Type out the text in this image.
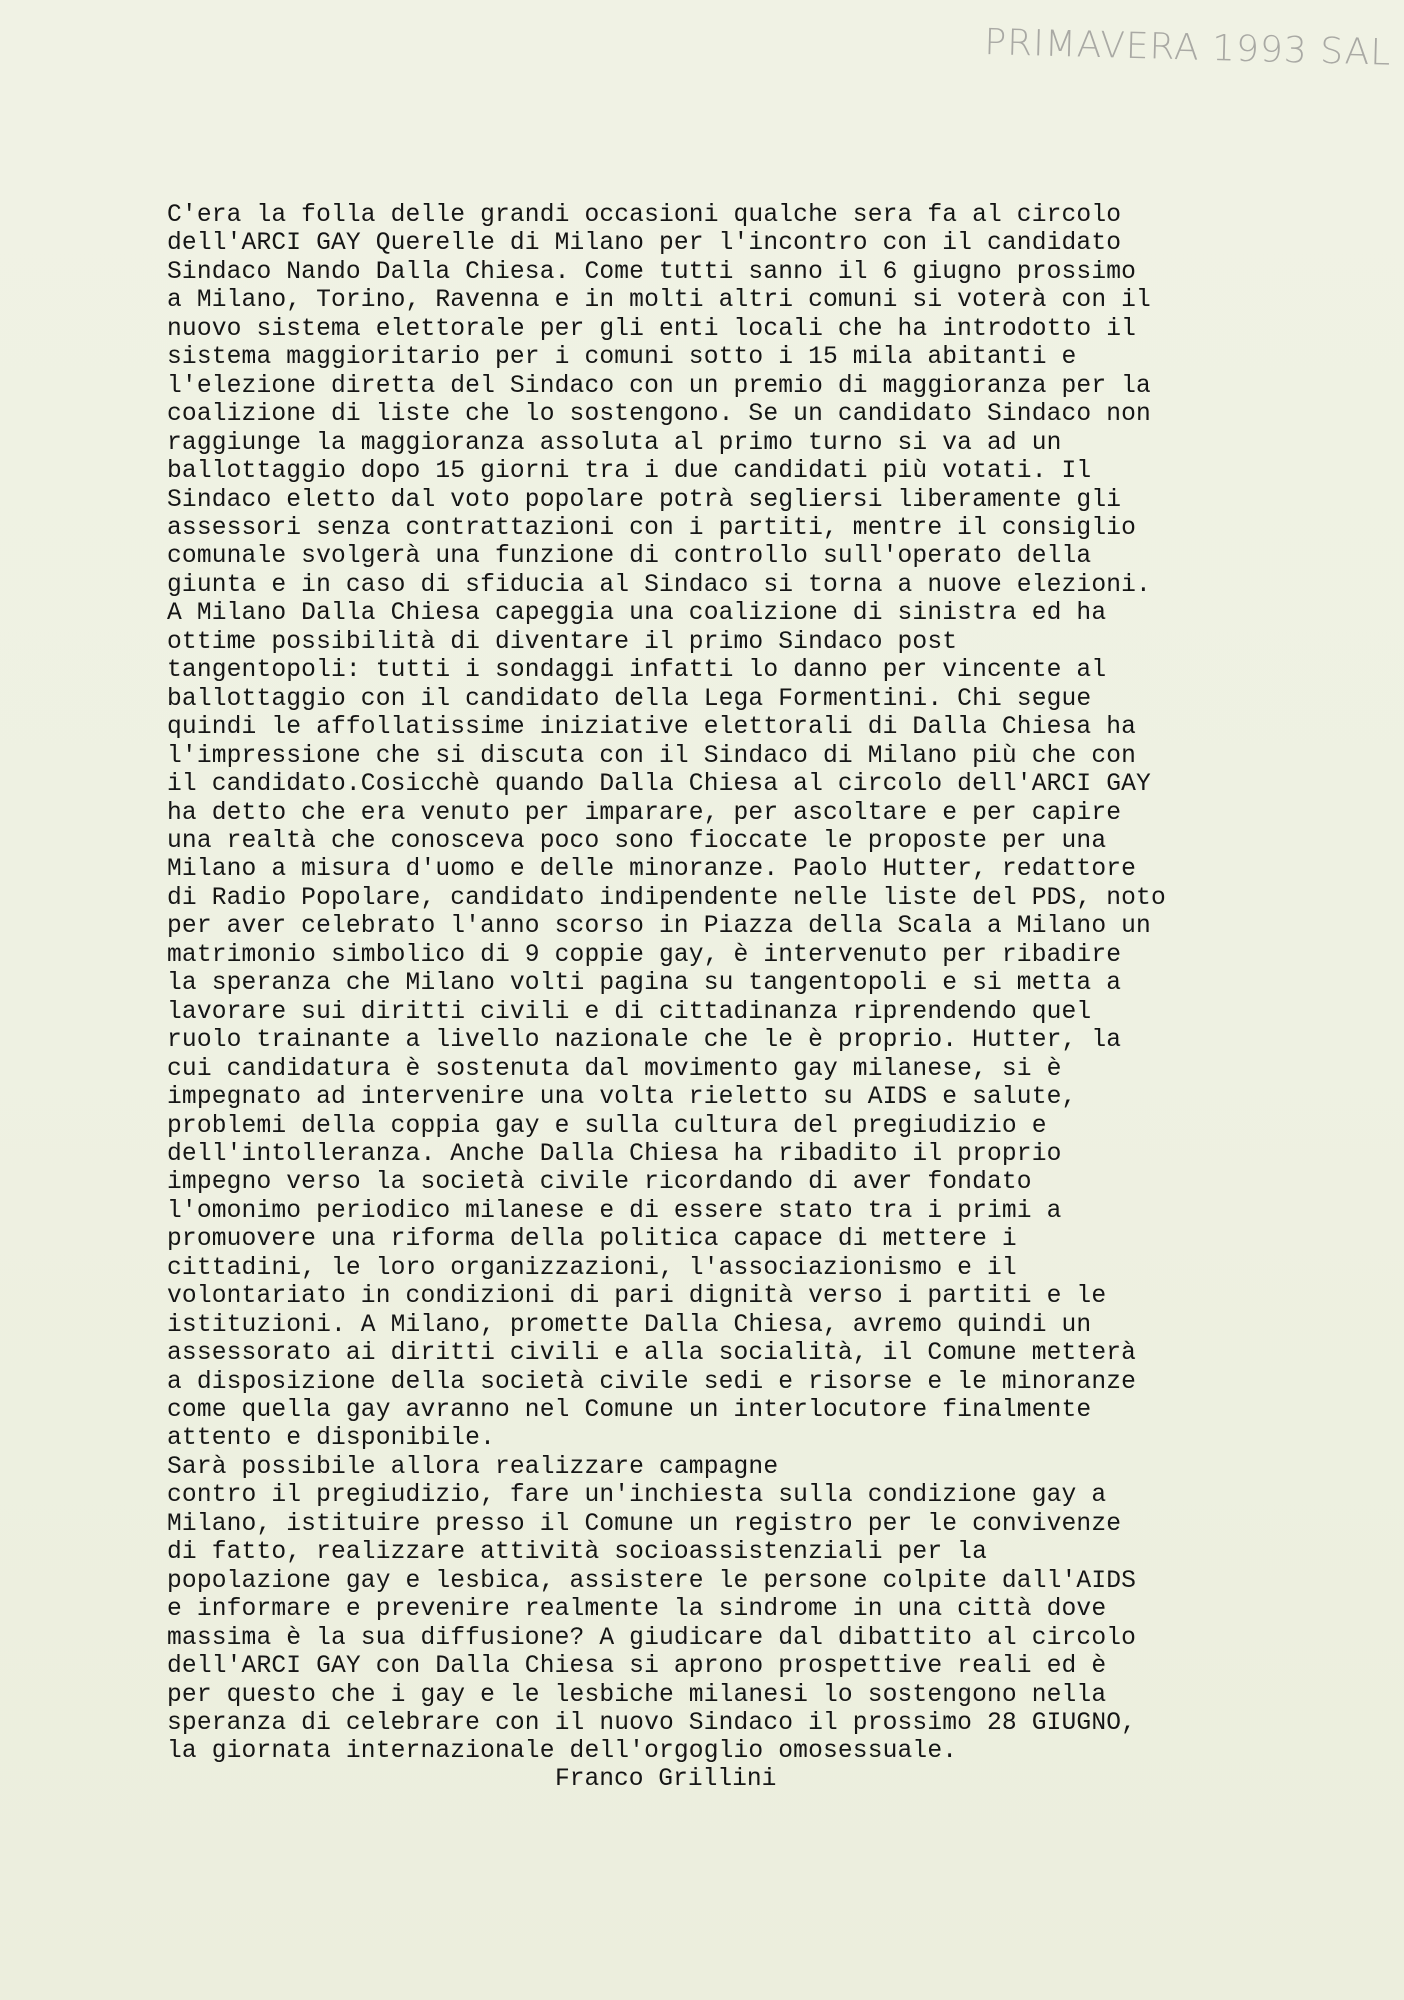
PRIMAVERA 1993 SAL
C'era la folla delle grandi occasioni qualche sera fa al circolo
dell'ARCI GAY Querelle di Milano per l'incontro con il candidato
Sindaco Nando Dalla Chiesa. Come tutti sanno il 6 giugno prossimo
a Milano, Torino, Ravenna e in molti altri comuni si voterà con il
nuovo sistema elettorale per gli enti locali che ha introdotto il
sistema maggioritario per i comuni sotto i 15 mila abitanti e
l'elezione diretta del Sindaco con un premio di maggioranza per la
coalizione di liste che lo sostengono. Se un candidato Sindaco non
raggiunge la maggioranza assoluta al primo turno si va ad un
ballottaggio dopo 15 giorni tra i due candidati più votati. Il
Sindaco eletto dal voto popolare potrà segliersi liberamente gli
assessori senza contrattazioni con i partiti, mentre il consiglio
comunale svolgerà una funzione di controllo sull'operato della
giunta e in caso di sfiducia al Sindaco si torna a nuove elezioni.
A Milano Dalla Chiesa capeggia una coalizione di sinistra ed ha
ottime possibilità di diventare il primo Sindaco post
tangentopoli: tutti i sondaggi infatti lo danno per vincente al
ballottaggio con il candidato della Lega Formentini. Chi segue
quindi le affollatissime iniziative elettorali di Dalla Chiesa ha
l'impressione che si discuta con il Sindaco di Milano più che con
il candidato.Cosicchè quando Dalla Chiesa al circolo dell'ARCI GAY
ha detto che era venuto per imparare, per ascoltare e per capire
una realtà che conosceva poco sono fioccate le proposte per una
Milano a misura d'uomo e delle minoranze. Paolo Hutter, redattore
di Radio Popolare, candidato indipendente nelle liste del PDS, noto
per aver celebrato l'anno scorso in Piazza della Scala a Milano un
matrimonio simbolico di 9 coppie gay, è intervenuto per ribadire
la speranza che Milano volti pagina su tangentopoli e si metta a
lavorare sui diritti civili e di cittadinanza riprendendo quel
ruolo trainante a livello nazionale che le è proprio. Hutter, la
cui candidatura è sostenuta dal movimento gay milanese, si è
impegnato ad intervenire una volta rieletto su AIDS e salute,
problemi della coppia gay e sulla cultura del pregiudizio e
dell'intolleranza. Anche Dalla Chiesa ha ribadito il proprio
impegno verso la società civile ricordando di aver fondato
l'omonimo periodico milanese e di essere stato tra i primi a
promuovere una riforma della politica capace di mettere i
cittadini, le loro organizzazioni, l'associazionismo e il
volontariato in condizioni di pari dignità verso i partiti e le
istituzioni. A Milano, promette Dalla Chiesa, avremo quindi un
assessorato ai diritti civili e alla socialità, il Comune metterà
a disposizione della società civile sedi e risorse e le minoranze
come quella gay avranno nel Comune un interlocutore finalmente
attento e disponibile.
Sarà possibile allora realizzare campagne
contro il pregiudizio, fare un'inchiesta sulla condizione gay a
Milano, istituire presso il Comune un registro per le convivenze
di fatto, realizzare attività socioassistenziali per la
popolazione gay e lesbica, assistere le persone colpite dall'AIDS
e informare e prevenire realmente la sindrome in una città dove
massima è la sua diffusione? A giudicare dal dibattito al circolo
dell'ARCI GAY con Dalla Chiesa si aprono prospettive reali ed è
per questo che i gay e le lesbiche milanesi lo sostengono nella
speranza di celebrare con il nuovo Sindaco il prossimo 28 GIUGNO,
la giornata internazionale dell'orgoglio omosessuale.
Franco Grillini
